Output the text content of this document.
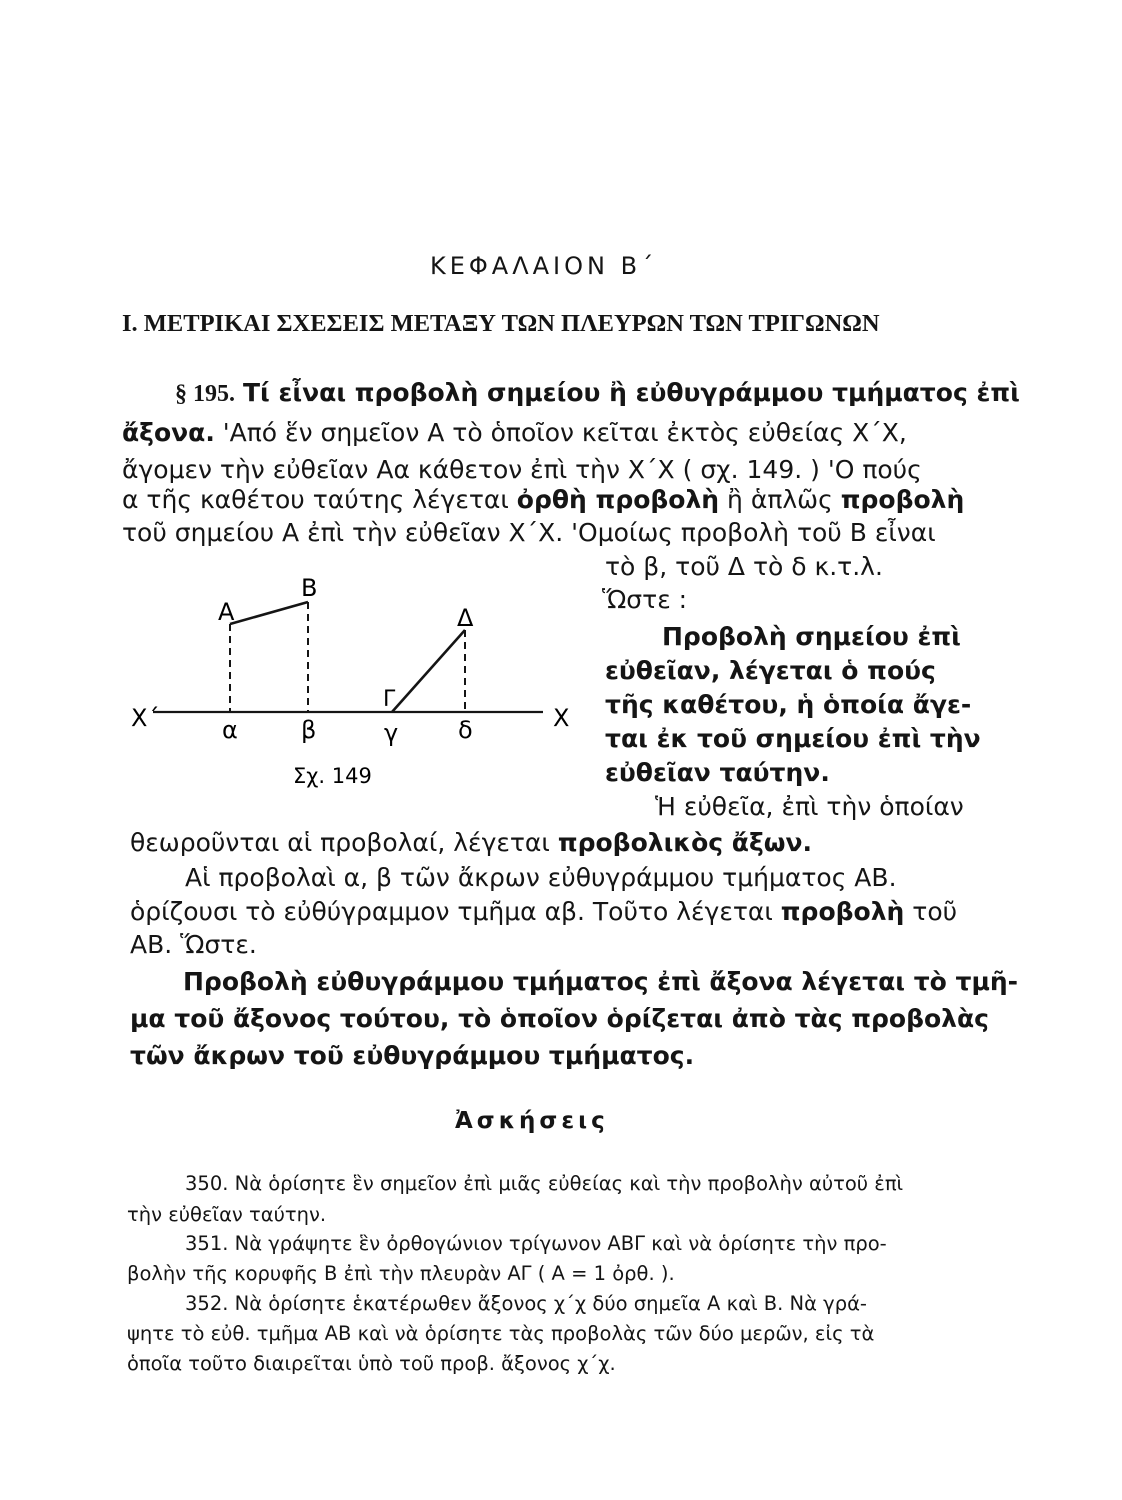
ΚΕΦΑΛΑΙΟΝ Β΄
Ι. ΜΕΤΡΙΚΑΙ ΣΧΕΣΕΙΣ ΜΕΤΑΞΥ ΤΩΝ ΠΛΕΥΡΩΝ ΤΩΝ ΤΡΙΓΩΝΩΝ
§ 195. Τί εἶναι προβολὴ σημείου ἢ εὐθυγράμμου τμήματος ἐπὶ
ἄξονα. 'Από ἕν σημεῖον Α τὸ ὁποῖον κεῖται ἐκτὸς εὐθείας Χ΄Χ,
ἄγομεν τὴν εὐθεῖαν Αα κάθετον ἐπὶ τὴν Χ΄Χ ( σχ. 149. ) 'Ο πούς
α τῆς καθέτου ταύτης λέγεται ὀρθὴ προβολὴ ἢ ἁπλῶς προβολὴ
τοῦ σημείου Α ἐπὶ τὴν εὐθεῖαν Χ΄Χ. 'Ομοίως προβολὴ τοῦ Β εἶναι
τὸ β, τοῦ Δ τὸ δ κ.τ.λ.
Ὥστε :
Προβολὴ σημείου ἐπὶ
εὐθεῖαν, λέγεται ὁ πούς
τῆς καθέτου, ἡ ὁποία ἄγε-
ται ἐκ τοῦ σημείου ἐπὶ τὴν
εὐθεῖαν ταύτην.
Α
Β
Δ
Γ
Χ΄	Χ
α	β	γ δ
Σχ. 149
Ἡ εὐθεῖα, ἐπὶ τὴν ὁποίαν
θεωροῦνται αἱ προβολαί, λέγεται προβολικὸς ἄξων.
Αἱ προβολαὶ α, β τῶν ἄκρων εὐθυγράμμου τμήματος ΑΒ.
ὁρίζουσι τὸ εὐθύγραμμον τμῆμα αβ. Τοῦτο λέγεται προβολὴ τοῦ
ΑΒ. Ὥστε.
Προβολὴ εὐθυγράμμου τμήματος ἐπὶ ἄξονα λέγεται τὸ τμῆ-
μα τοῦ ἄξονος τούτου, τὸ ὁποῖον ὁρίζεται ἀπὸ τὰς προβολὰς
τῶν ἄκρων τοῦ εὐθυγράμμου τμήματος.
Ἀσκήσεις
350. Νὰ ὁρίσητε ἓν σημεῖον ἐπὶ μιᾶς εὐθείας καὶ τὴν προβολὴν αὐτοῦ ἐπὶ
τὴν εὐθεῖαν ταύτην.
351. Νὰ γράψητε ἓν ὀρθογώνιον τρίγωνον ΑΒΓ καὶ νὰ ὁρίσητε τὴν προ-
βολὴν τῆς κορυφῆς Β ἐπὶ τὴν πλευρὰν ΑΓ ( Α = 1 ὀρθ. ).
352. Νὰ ὁρίσητε ἑκατέρωθεν ἄξονος χ΄χ δύο σημεῖα Α καὶ Β. Νὰ γρά-
ψητε τὸ εὐθ. τμῆμα ΑΒ καὶ νὰ ὁρίσητε τὰς προβολὰς τῶν δύο μερῶν, εἰς τὰ
ὁποῖα τοῦτο διαιρεῖται ὑπὸ τοῦ προβ. ἄξονος χ΄χ.
